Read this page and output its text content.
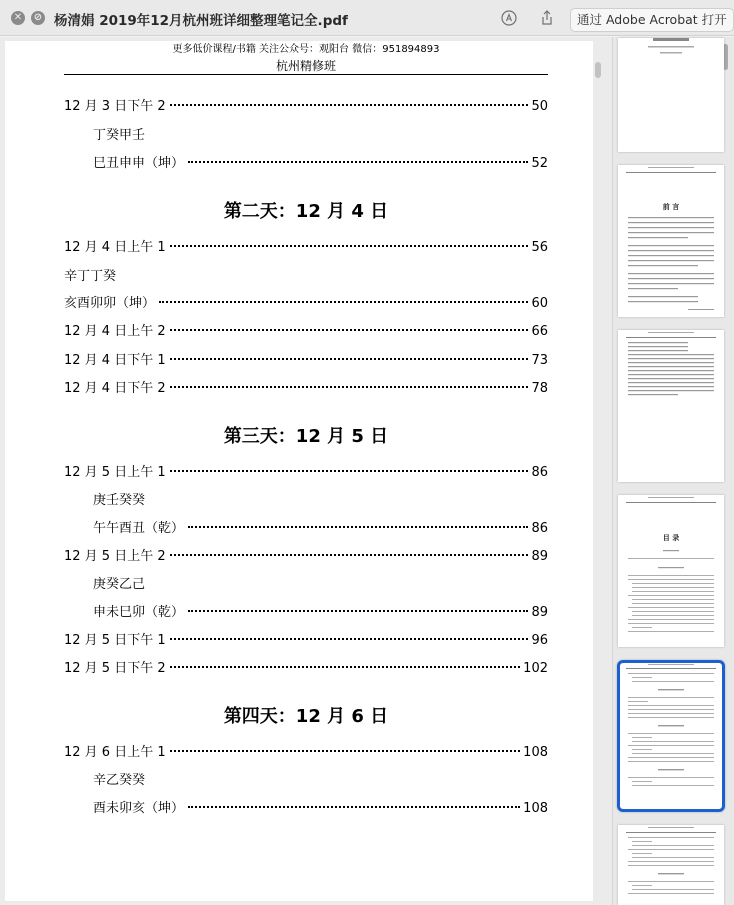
✕ ⊘ 杨清娟 2019年12月杭州班详细整理笔记全.pdf	通过 Adobe Acrobat 打开
更多低价课程/书籍 关注公众号：观阳台 微信：951894893
杭州精修班
12 月 3 日下午 2	50
丁癸甲壬
巳丑申申（坤）	52
第二天：12 月 4 日
12 月 4 日上午 1	56
辛丁丁癸
亥酉卯卯（坤）	60
12 月 4 日上午 2	66
12 月 4 日下午 1	73
12 月 4 日下午 2	78
第三天：12 月 5 日
12 月 5 日上午 1	86
庚壬癸癸
午午酉丑（乾）	86
12 月 5 日上午 2	89
庚癸乙己
申未巳卯（乾）	89
12 月 5 日下午 1	96
12 月 5 日下午 2	102
第四天：12 月 6 日
12 月 6 日上午 1	108
辛乙癸癸
酉未卯亥（坤）	108
前 言
目 录
